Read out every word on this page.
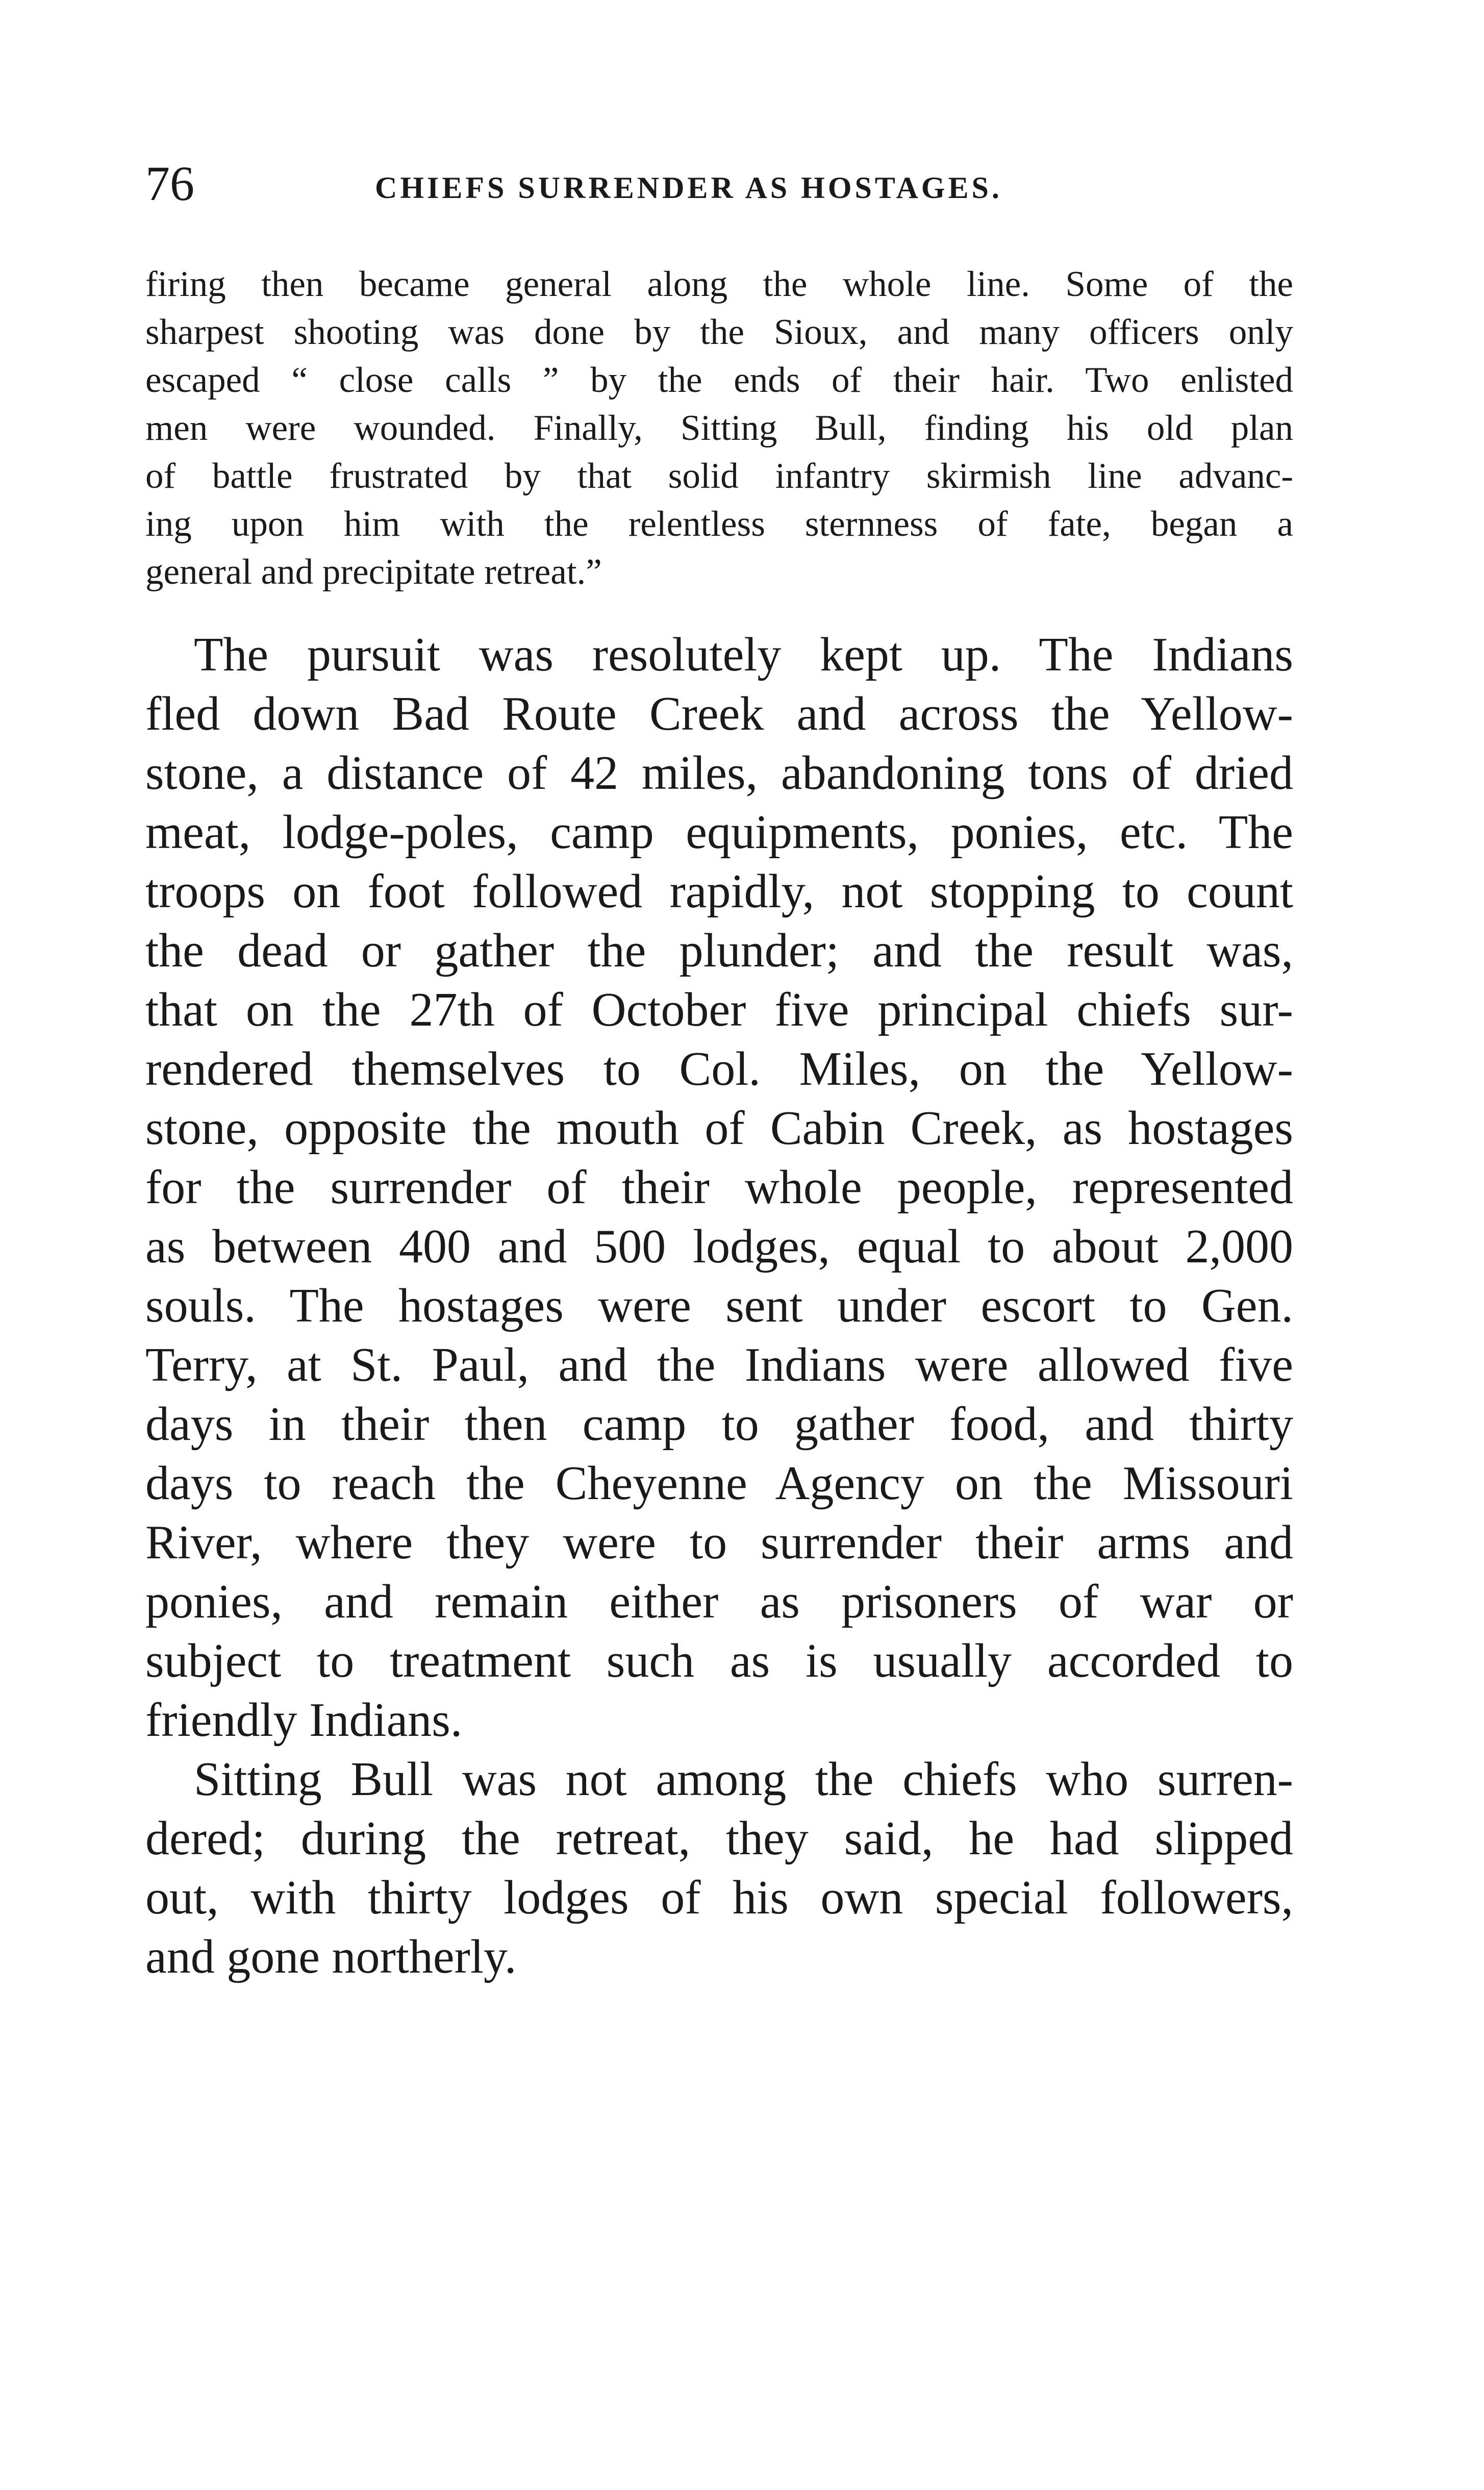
76	CHIEFS SURRENDER AS HOSTAGES.
firing then became general along the whole line. Some of the
sharpest shooting was done by the Sioux, and many officers only
escaped “ close calls ” by the ends of their hair. Two enlisted
men were wounded. Finally, Sitting Bull, finding his old plan
of battle frustrated by that solid infantry skirmish line advanc-
ing upon him with the relentless sternness of fate, began a
general and precipitate retreat.”
The pursuit was resolutely kept up. The Indians
fled down Bad Route Creek and across the Yellow-
stone, a distance of 42 miles, abandoning tons of dried
meat, lodge-poles, camp equipments, ponies, etc. The
troops on foot followed rapidly, not stopping to count
the dead or gather the plunder; and the result was,
that on the 27th of October five principal chiefs sur-
rendered themselves to Col. Miles, on the Yellow-
stone, opposite the mouth of Cabin Creek, as hostages
for the surrender of their whole people, represented
as between 400 and 500 lodges, equal to about 2,000
souls. The hostages were sent under escort to Gen.
Terry, at St. Paul, and the Indians were allowed five
days in their then camp to gather food, and thirty
days to reach the Cheyenne Agency on the Missouri
River, where they were to surrender their arms and
ponies, and remain either as prisoners of war or
subject to treatment such as is usually accorded to
friendly Indians.
Sitting Bull was not among the chiefs who surren-
dered; during the retreat, they said, he had slipped
out, with thirty lodges of his own special followers,
and gone northerly.
